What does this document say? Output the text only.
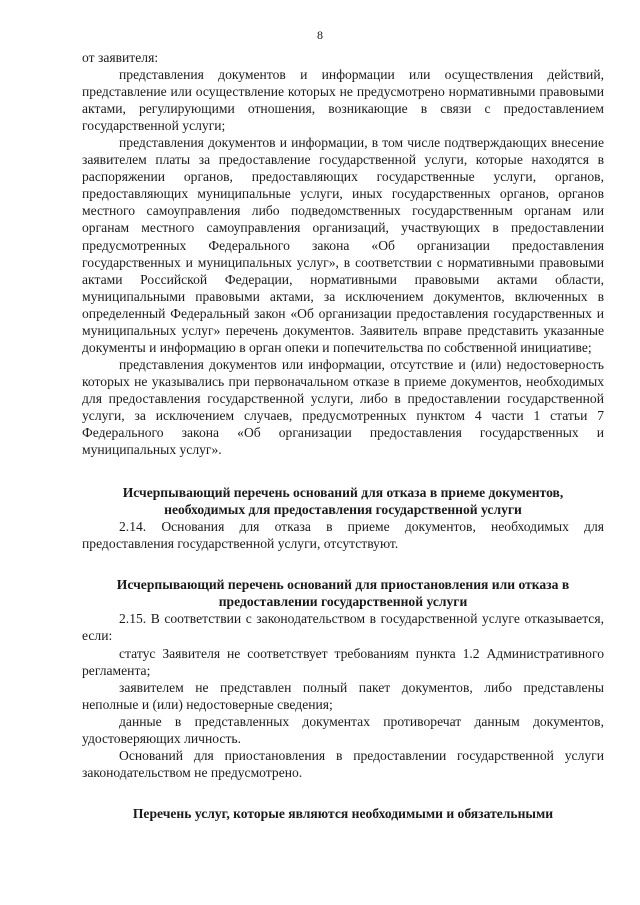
8

от заявителя:

представления документов и информации или осуществления действий, представление или осуществление которых не предусмотрено нормативными правовыми актами, регулирующими отношения, возникающие в связи с предоставлением государственной услуги;

представления документов и информации, в том числе подтверждающих внесение заявителем платы за предоставление государственной услуги, которые находятся в распоряжении органов, предоставляющих государственные услуги, органов, предоставляющих муниципальные услуги, иных государственных органов, органов местного самоуправления либо подведомственных государственным органам или органам местного самоуправления организаций, участвующих в предоставлении предусмотренных Федерального закона «Об организации предоставления государственных и муниципальных услуг», в соответствии с нормативными правовыми актами Российской Федерации, нормативными правовыми актами области, муниципальными правовыми актами, за исключением документов, включенных в определенный Федеральный закон «Об организации предоставления государственных и муниципальных услуг» перечень документов. Заявитель вправе представить указанные документы и информацию в орган опеки и попечительства по собственной инициативе;

представления документов или информации, отсутствие и (или) недостоверность которых не указывались при первоначальном отказе в приеме документов, необходимых для предоставления государственной услуги, либо в предоставлении государственной услуги, за исключением случаев, предусмотренных пунктом 4 части 1 статьи 7 Федерального закона «Об организации предоставления государственных и муниципальных услуг».

Исчерпывающий перечень оснований для отказа в приеме документов, необходимых для предоставления государственной услуги

2.14. Основания для отказа в приеме документов, необходимых для предоставления государственной услуги, отсутствуют.

Исчерпывающий перечень оснований для приостановления или отказа в предоставлении государственной услуги

2.15. В соответствии с законодательством в государственной услуге отказывается, если:

статус Заявителя не соответствует требованиям пункта 1.2 Административного регламента;

заявителем не представлен полный пакет документов, либо представлены неполные и (или) недостоверные сведения;

данные в представленных документах противоречат данным документов, удостоверяющих личность.

Оснований для приостановления в предоставлении государственной услуги законодательством не предусмотрено.

Перечень услуг, которые являются необходимыми и обязательными
